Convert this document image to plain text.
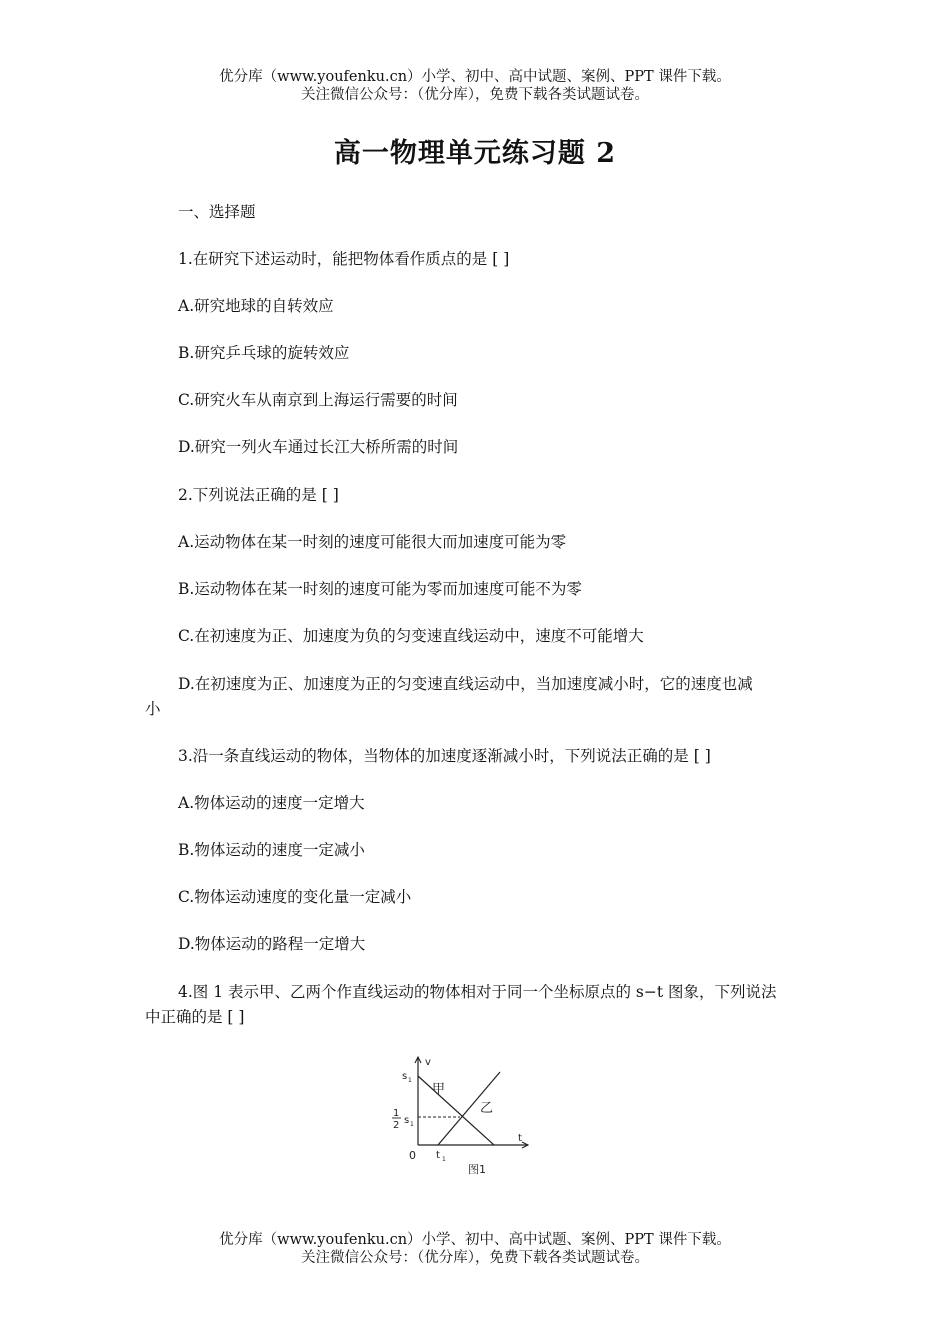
优分库（www.youfenku.cn）小学、初中、高中试题、案例、PPT 课件下载。
关注微信公众号：（优分库），免费下载各类试题试卷。
高一物理单元练习题 2
一、选择题
1.在研究下述运动时，能把物体看作质点的是 [ ]
A.研究地球的自转效应
B.研究乒乓球的旋转效应
C.研究火车从南京到上海运行需要的时间
D.研究一列火车通过长江大桥所需的时间
2.下列说法正确的是 [ ]
A.运动物体在某一时刻的速度可能很大而加速度可能为零
B.运动物体在某一时刻的速度可能为零而加速度可能不为零
C.在初速度为正、加速度为负的匀变速直线运动中，速度不可能增大
D.在初速度为正、加速度为正的匀变速直线运动中，当加速度减小时，它的速度也减
小
3.沿一条直线运动的物体，当物体的加速度逐渐减小时，下列说法正确的是 [ ]
A.物体运动的速度一定增大
B.物体运动的速度一定减小
C.物体运动速度的变化量一定减小
D.物体运动的路程一定增大
4.图 1 表示甲、乙两个作直线运动的物体相对于同一个坐标原点的 s−t 图象，下列说法
中正确的是 [ ]
v
t
0
s 1
1
2 s 1
t 1
甲
乙
图1
优分库（www.youfenku.cn）小学、初中、高中试题、案例、PPT 课件下载。
关注微信公众号：（优分库），免费下载各类试题试卷。
